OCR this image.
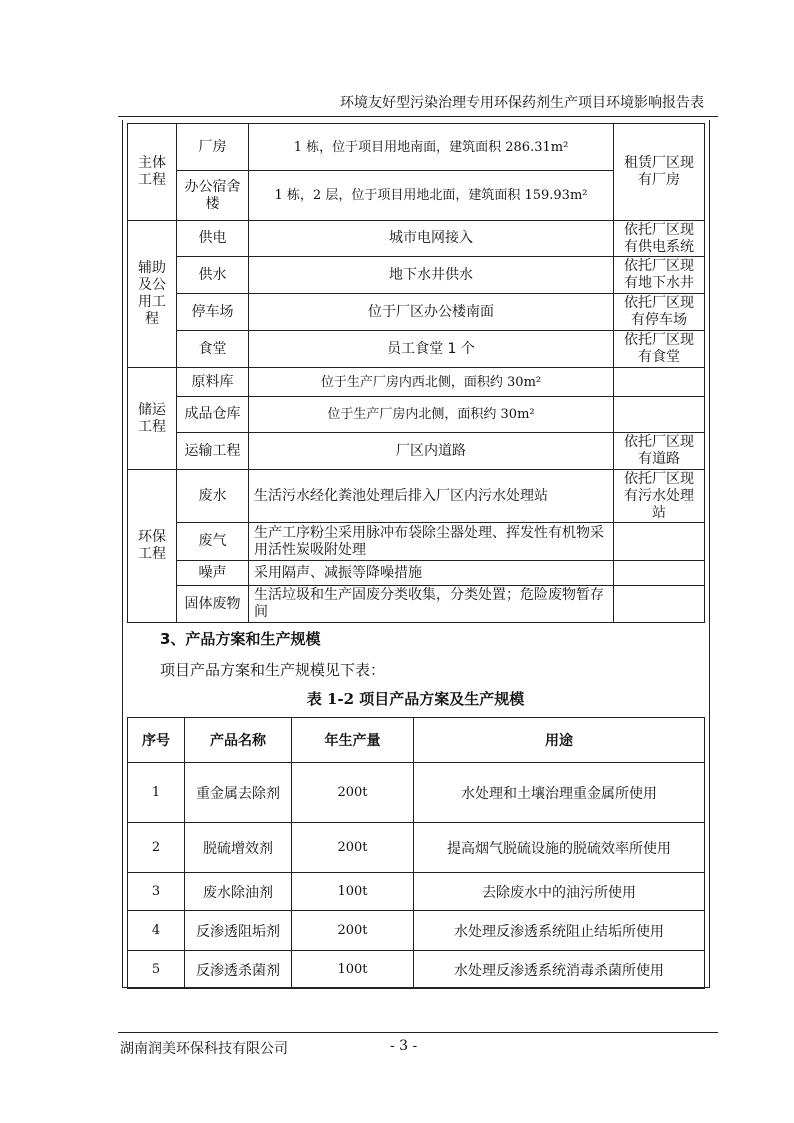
环境友好型污染治理专用环保药剂生产项目环境影响报告表
主体工程	厂房	1 栋，位于项目用地南面，建筑面积 286.31m²	租赁厂区现有厂房
	办公宿舍楼	1 栋，2 层，位于项目用地北面，建筑面积 159.93m²	
辅助及公用工程	供电	城市电网接入	依托厂区现有供电系统
	供水	地下水井供水	依托厂区现有地下水井
	停车场	位于厂区办公楼南面	依托厂区现有停车场
	食堂	员工食堂 1 个	依托厂区现有食堂
储运工程	原料库	位于生产厂房内西北侧，面积约 30m²	
	成品仓库	位于生产厂房内北侧，面积约 30m²	
	运输工程	厂区内道路	依托厂区现有道路
环保工程	废水	生活污水经化粪池处理后排入厂区内污水处理站	依托厂区现有污水处理站
	废气	生产工序粉尘采用脉冲布袋除尘器处理、挥发性有机物采用活性炭吸附处理	
	噪声	采用隔声、减振等降噪措施	
	固体废物	生活垃圾和生产固废分类收集，分类处置；危险废物暂存间	
3、产品方案和生产规模
项目产品方案和生产规模见下表：
表 1-2 项目产品方案及生产规模
序号	产品名称	年生产量	用途
1	重金属去除剂	200t	水处理和土壤治理重金属所使用
2	脱硫增效剂	200t	提高烟气脱硫设施的脱硫效率所使用
3	废水除油剂	100t	去除废水中的油污所使用
4	反渗透阻垢剂	200t	水处理反渗透系统阻止结垢所使用
5	反渗透杀菌剂	100t	水处理反渗透系统消毒杀菌所使用
湖南润美环保科技有限公司	- 3 -
